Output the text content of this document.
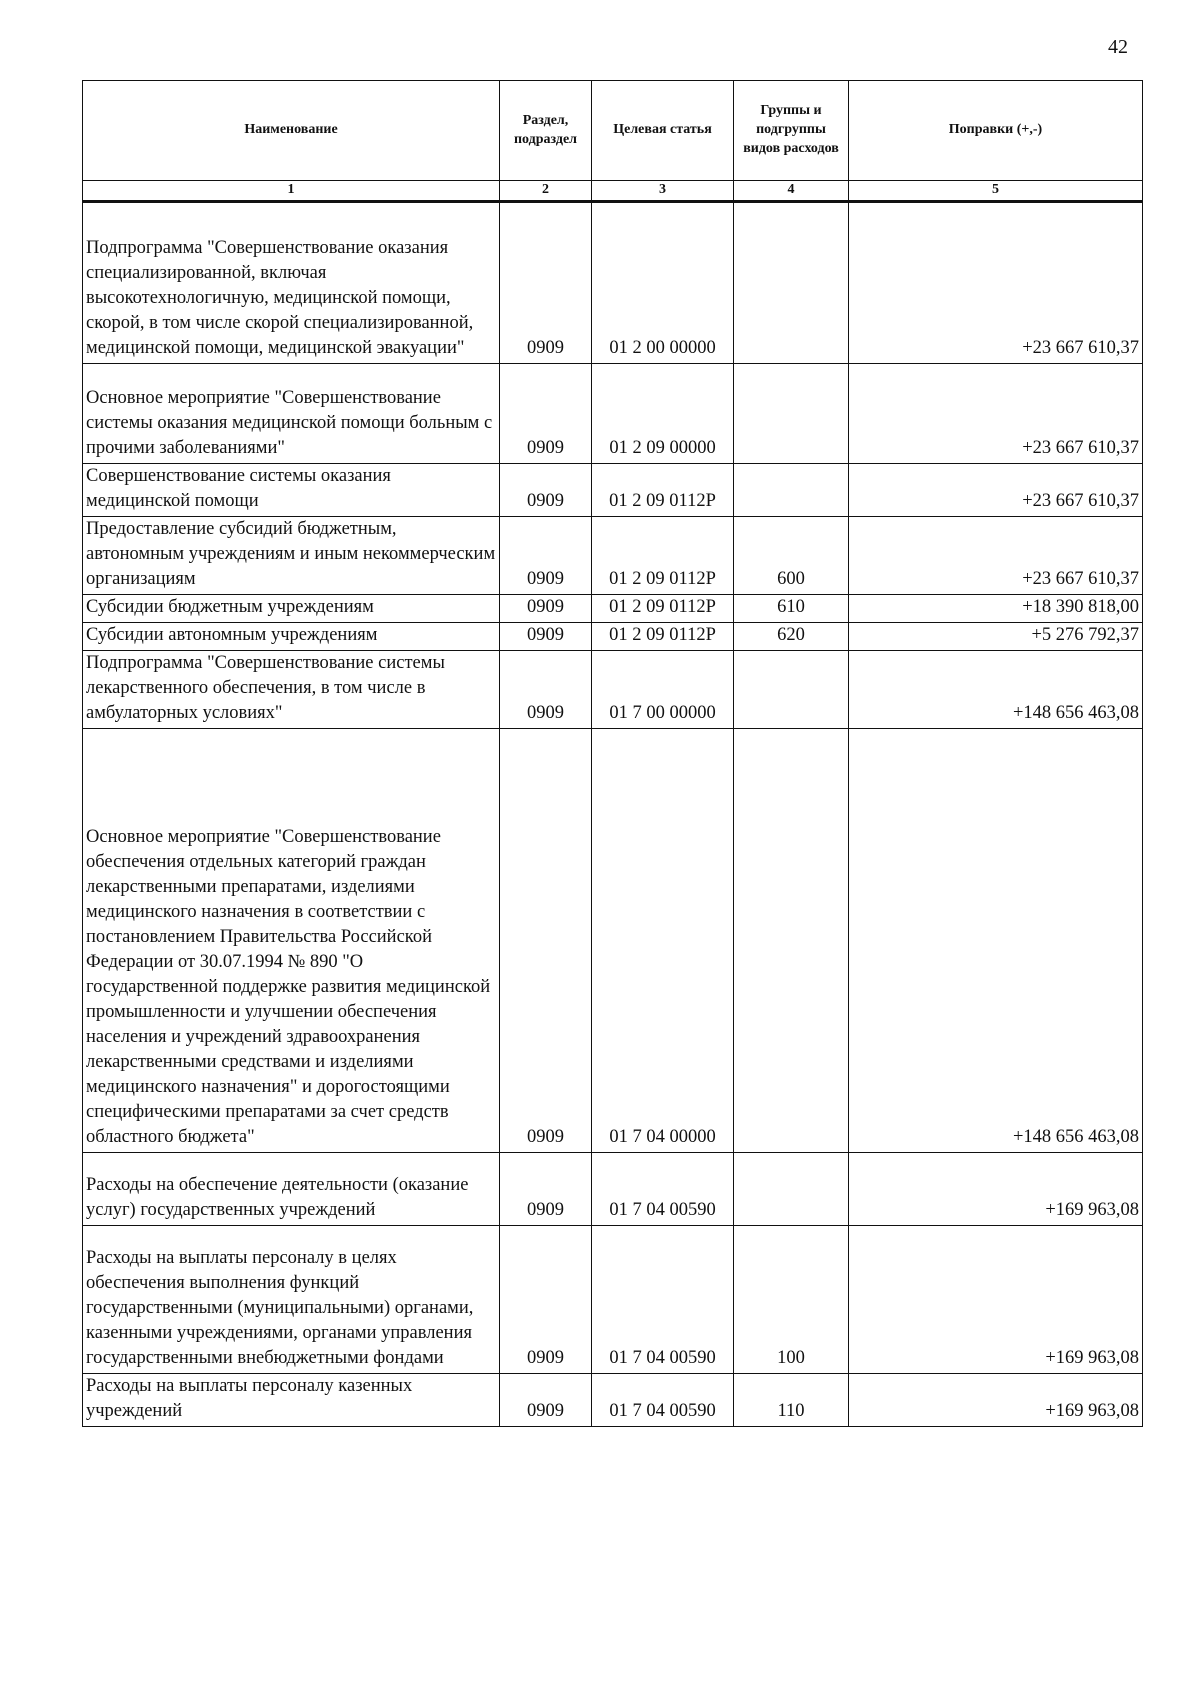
42
Наименование	Раздел, подраздел	Целевая статья	Группы и подгруппы видов расходов	Поправки (+,-)
1	2	3	4	5

Подпрограмма "Совершенствование оказания специализированной, включая высокотехнологичную, медицинской помощи, скорой, в том числе скорой специализированной, медицинской помощи, медицинской эвакуации"	0909	01 2 00 00000		+23 667 610,37

Основное мероприятие "Совершенствование системы оказания медицинской помощи больным с прочими заболеваниями"	0909	01 2 09 00000		+23 667 610,37
Совершенствование системы оказания медицинской помощи	0909	01 2 09 0112Р		+23 667 610,37
Предоставление субсидий бюджетным, автономным учреждениям и иным некоммерческим организациям	0909	01 2 09 0112Р	600	+23 667 610,37
Субсидии бюджетным учреждениям	0909	01 2 09 0112Р	610	+18 390 818,00
Субсидии автономным учреждениям	0909	01 2 09 0112Р	620	+5 276 792,37
Подпрограмма "Совершенствование системы лекарственного обеспечения, в том числе в амбулаторных условиях"	0909	01 7 00 00000		+148 656 463,08

Основное мероприятие "Совершенствование обеспечения отдельных категорий граждан лекарственными препаратами, изделиями медицинского назначения в соответствии с постановлением Правительства Российской Федерации от 30.07.1994 № 890 "О государственной поддержке развития медицинской промышленности и улучшении обеспечения населения и учреждений здравоохранения лекарственными средствами и изделиями медицинского назначения" и дорогостоящими специфическими препаратами за счет средств областного бюджета"	0909	01 7 04 00000		+148 656 463,08

Расходы на обеспечение деятельности (оказание услуг) государственных учреждений	0909	01 7 04 00590		+169 963,08

Расходы на выплаты персоналу в целях обеспечения выполнения функций государственными (муниципальными) органами, казенными учреждениями, органами управления государственными внебюджетными фондами	0909	01 7 04 00590	100	+169 963,08
Расходы на выплаты персоналу казенных учреждений	0909	01 7 04 00590	110	+169 963,08
